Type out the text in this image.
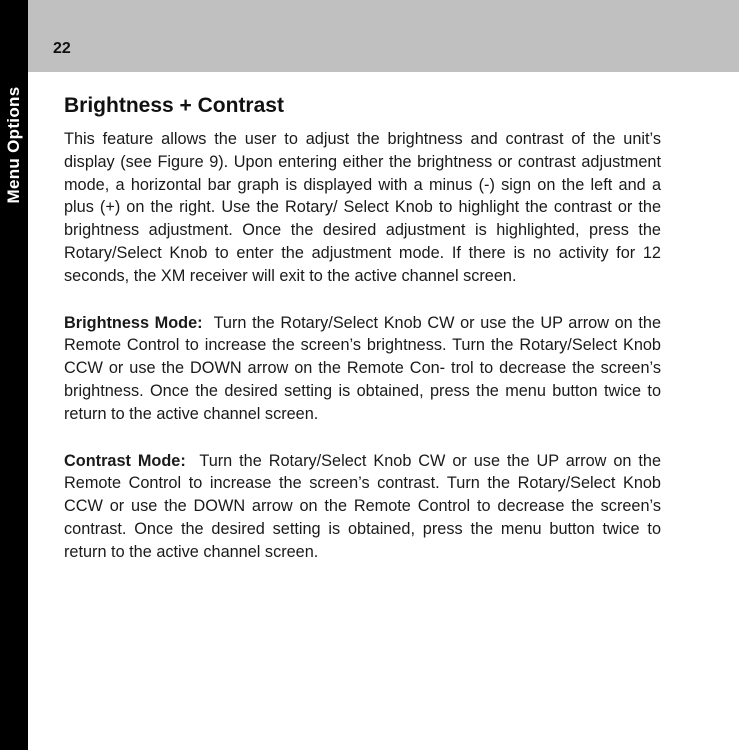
Menu Options
22
Brightness + Contrast

This feature allows the user to adjust the brightness and contrast of the unit’s display (see Figure 9). Upon entering either the brightness or contrast adjustment mode, a horizontal bar graph is displayed with a minus (-) sign on the left and a plus (+) on the right. Use the Rotary/ Select Knob to highlight the contrast or the brightness adjustment. Once the desired adjustment is highlighted, press the Rotary/Select Knob to enter the adjustment mode. If there is no activity for 12 seconds, the XM receiver will exit to the active channel screen.

Brightness Mode: Turn the Rotary/Select Knob CW or use the UP arrow on the Remote Control to increase the screen’s brightness. Turn the Rotary/Select Knob CCW or use the DOWN arrow on the Remote Con- trol to decrease the screen’s brightness. Once the desired setting is obtained, press the menu button twice to return to the active channel screen.

Contrast Mode: Turn the Rotary/Select Knob CW or use the UP arrow on the Remote Control to increase the screen’s contrast. Turn the Rotary/Select Knob CCW or use the DOWN arrow on the Remote Control to decrease the screen’s contrast. Once the desired setting is obtained, press the menu button twice to return to the active channel screen.
